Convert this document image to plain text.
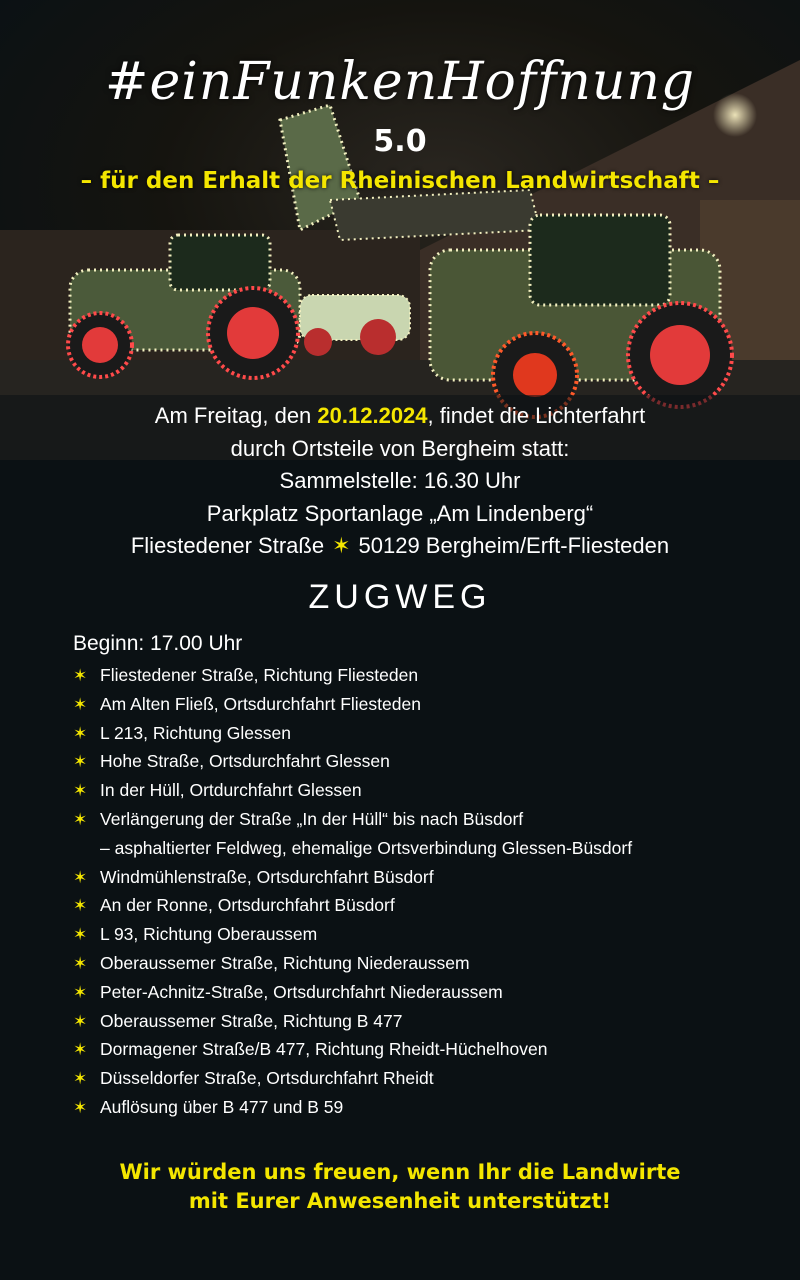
#einFunkenHoffnung
5.0
– für den Erhalt der Rheinischen Landwirtschaft –
Am Freitag, den 20.12.2024, findet die Lichterfahrt
durch Ortsteile von Bergheim statt:
Sammelstelle: 16.30 Uhr
Parkplatz Sportanlage „Am Lindenberg“
Fliestedener Straße ✶ 50129 Bergheim/Erft-Fliesteden
ZUGWEG
Beginn: 17.00 Uhr
✶ Fliestedener Straße, Richtung Fliesteden
✶ Am Alten Fließ, Ortsdurchfahrt Fliesteden
✶ L 213, Richtung Glessen
✶ Hohe Straße, Ortsdurchfahrt Glessen
✶ In der Hüll, Ortdurchfahrt Glessen
✶ Verlängerung der Straße „In der Hüll“ bis nach Büsdorf
– asphaltierter Feldweg, ehemalige Ortsverbindung Glessen-Büsdorf
✶ Windmühlenstraße, Ortsdurchfahrt Büsdorf
✶ An der Ronne, Ortsdurchfahrt Büsdorf
✶ L 93, Richtung Oberaussem
✶ Oberaussemer Straße, Richtung Niederaussem
✶ Peter-Achnitz-Straße, Ortsdurchfahrt Niederaussem
✶ Oberaussemer Straße, Richtung B 477
✶ Dormagener Straße/B 477, Richtung Rheidt-Hüchelhoven
✶ Düsseldorfer Straße, Ortsdurchfahrt Rheidt
✶ Auflösung über B 477 und B 59
Wir würden uns freuen, wenn Ihr die Landwirte
mit Eurer Anwesenheit unterstützt!
